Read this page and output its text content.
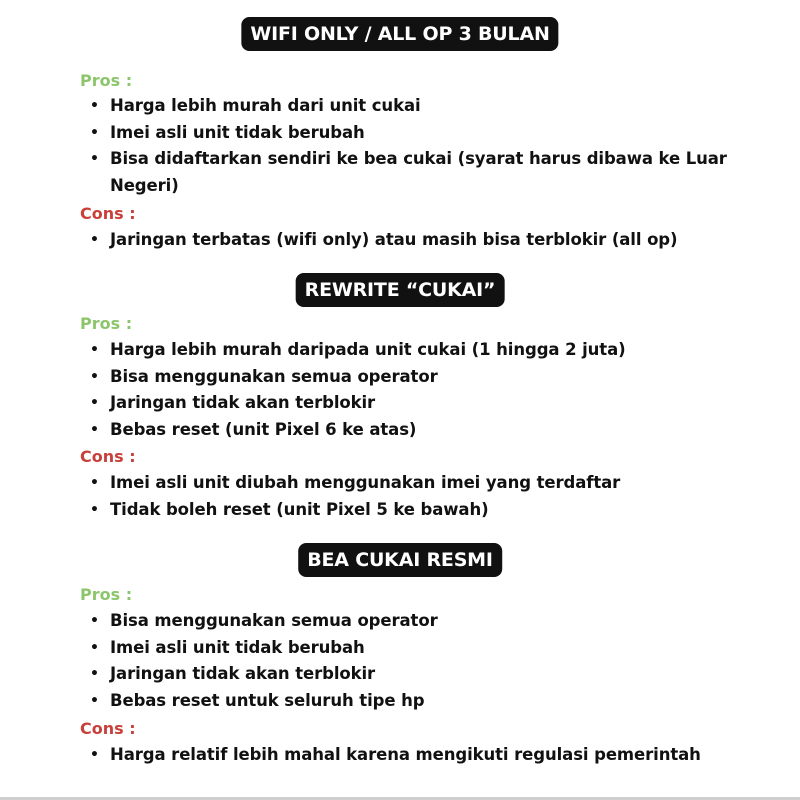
WIFI ONLY / ALL OP 3 BULAN
Pros :
• Harga lebih murah dari unit cukai
• Imei asli unit tidak berubah
• Bisa didaftarkan sendiri ke bea cukai (syarat harus dibawa ke Luar Negeri)
Cons :
• Jaringan terbatas (wifi only) atau masih bisa terblokir (all op)
REWRITE “CUKAI”
Pros :
• Harga lebih murah daripada unit cukai (1 hingga 2 juta)
• Bisa menggunakan semua operator
• Jaringan tidak akan terblokir
• Bebas reset (unit Pixel 6 ke atas)
Cons :
• Imei asli unit diubah menggunakan imei yang terdaftar
• Tidak boleh reset (unit Pixel 5 ke bawah)
BEA CUKAI RESMI
Pros :
• Bisa menggunakan semua operator
• Imei asli unit tidak berubah
• Jaringan tidak akan terblokir
• Bebas reset untuk seluruh tipe hp
Cons :
• Harga relatif lebih mahal karena mengikuti regulasi pemerintah
